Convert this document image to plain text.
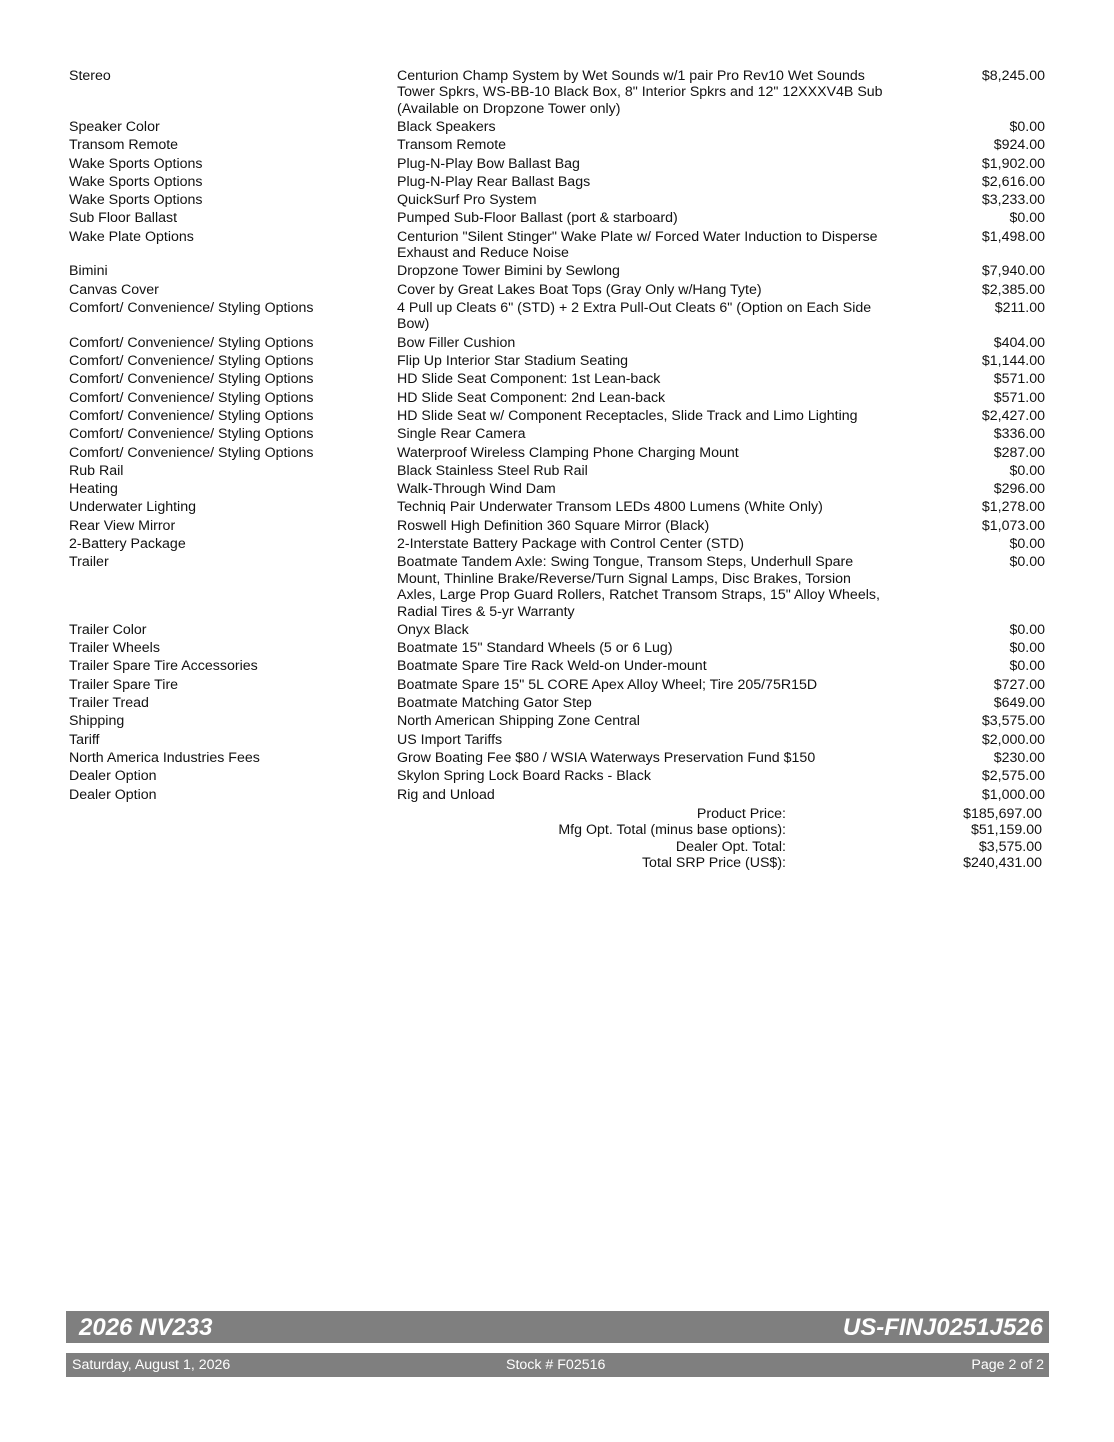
Stereo	Centurion Champ System by Wet Sounds w/1 pair Pro Rev10 Wet Sounds Tower Spkrs, WS-BB-10 Black Box, 8" Interior Spkrs and 12" 12XXXV4B Sub (Available on Dropzone Tower only)
$8,245.00
Speaker Color	Black Speakers	$0.00
Transom Remote	Transom Remote	$924.00
Wake Sports Options	Plug-N-Play Bow Ballast Bag	$1,902.00
Wake Sports Options	Plug-N-Play Rear Ballast Bags	$2,616.00
Wake Sports Options	QuickSurf Pro System	$3,233.00
Sub Floor Ballast	Pumped Sub-Floor Ballast (port & starboard)	$0.00
Wake Plate Options	Centurion "Silent Stinger" Wake Plate w/ Forced Water Induction to Disperse Exhaust and Reduce Noise
$1,498.00
Bimini	Dropzone Tower Bimini by Sewlong	$7,940.00
Canvas Cover	Cover by Great Lakes Boat Tops (Gray Only w/Hang Tyte)	$2,385.00
Comfort/ Convenience/ Styling Options	4 Pull up Cleats 6" (STD) + 2 Extra Pull-Out Cleats 6" (Option on Each Side Bow)
$211.00
Comfort/ Convenience/ Styling Options	Bow Filler Cushion	$404.00
Comfort/ Convenience/ Styling Options	Flip Up Interior Star Stadium Seating	$1,144.00
Comfort/ Convenience/ Styling Options	HD Slide Seat Component: 1st Lean-back	$571.00
Comfort/ Convenience/ Styling Options	HD Slide Seat Component: 2nd Lean-back	$571.00
Comfort/ Convenience/ Styling Options	HD Slide Seat w/ Component Receptacles, Slide Track and Limo Lighting	$2,427.00
Comfort/ Convenience/ Styling Options	Single Rear Camera	$336.00
Comfort/ Convenience/ Styling Options	Waterproof Wireless Clamping Phone Charging Mount	$287.00
Rub Rail	Black Stainless Steel Rub Rail	$0.00
Heating	Walk-Through Wind Dam	$296.00
Underwater Lighting	Techniq Pair Underwater Transom LEDs 4800 Lumens (White Only)	$1,278.00
Rear View Mirror	Roswell High Definition 360 Square Mirror (Black)	$1,073.00
2-Battery Package	2-Interstate Battery Package with Control Center (STD)	$0.00
Trailer	Boatmate Tandem Axle: Swing Tongue, Transom Steps, Underhull Spare Mount, Thinline Brake/Reverse/Turn Signal Lamps, Disc Brakes, Torsion Axles, Large Prop Guard Rollers, Ratchet Transom Straps, 15" Alloy Wheels, Radial Tires & 5-yr Warranty
$0.00
Trailer Color	Onyx Black	$0.00
Trailer Wheels	Boatmate 15" Standard Wheels (5 or 6 Lug)	$0.00
Trailer Spare Tire Accessories	Boatmate Spare Tire Rack Weld-on Under-mount	$0.00
Trailer Spare Tire	Boatmate Spare 15" 5L CORE Apex Alloy Wheel; Tire 205/75R15D	$727.00
Trailer Tread	Boatmate Matching Gator Step	$649.00
Shipping	North American Shipping Zone Central	$3,575.00
Tariff	US Import Tariffs	$2,000.00
North America Industries Fees	Grow Boating Fee $80 / WSIA Waterways Preservation Fund $150	$230.00
Dealer Option	Skylon Spring Lock Board Racks - Black	$2,575.00
Dealer Option	Rig and Unload	$1,000.00
Product Price:	$185,697.00
Mfg Opt. Total (minus base options):	$51,159.00
Dealer Opt. Total:	$3,575.00
Total SRP Price (US$):	$240,431.00
2026 NV233	US-FINJ0251J526
Saturday, August 1, 2026	Stock # F02516	Page 2 of 2
